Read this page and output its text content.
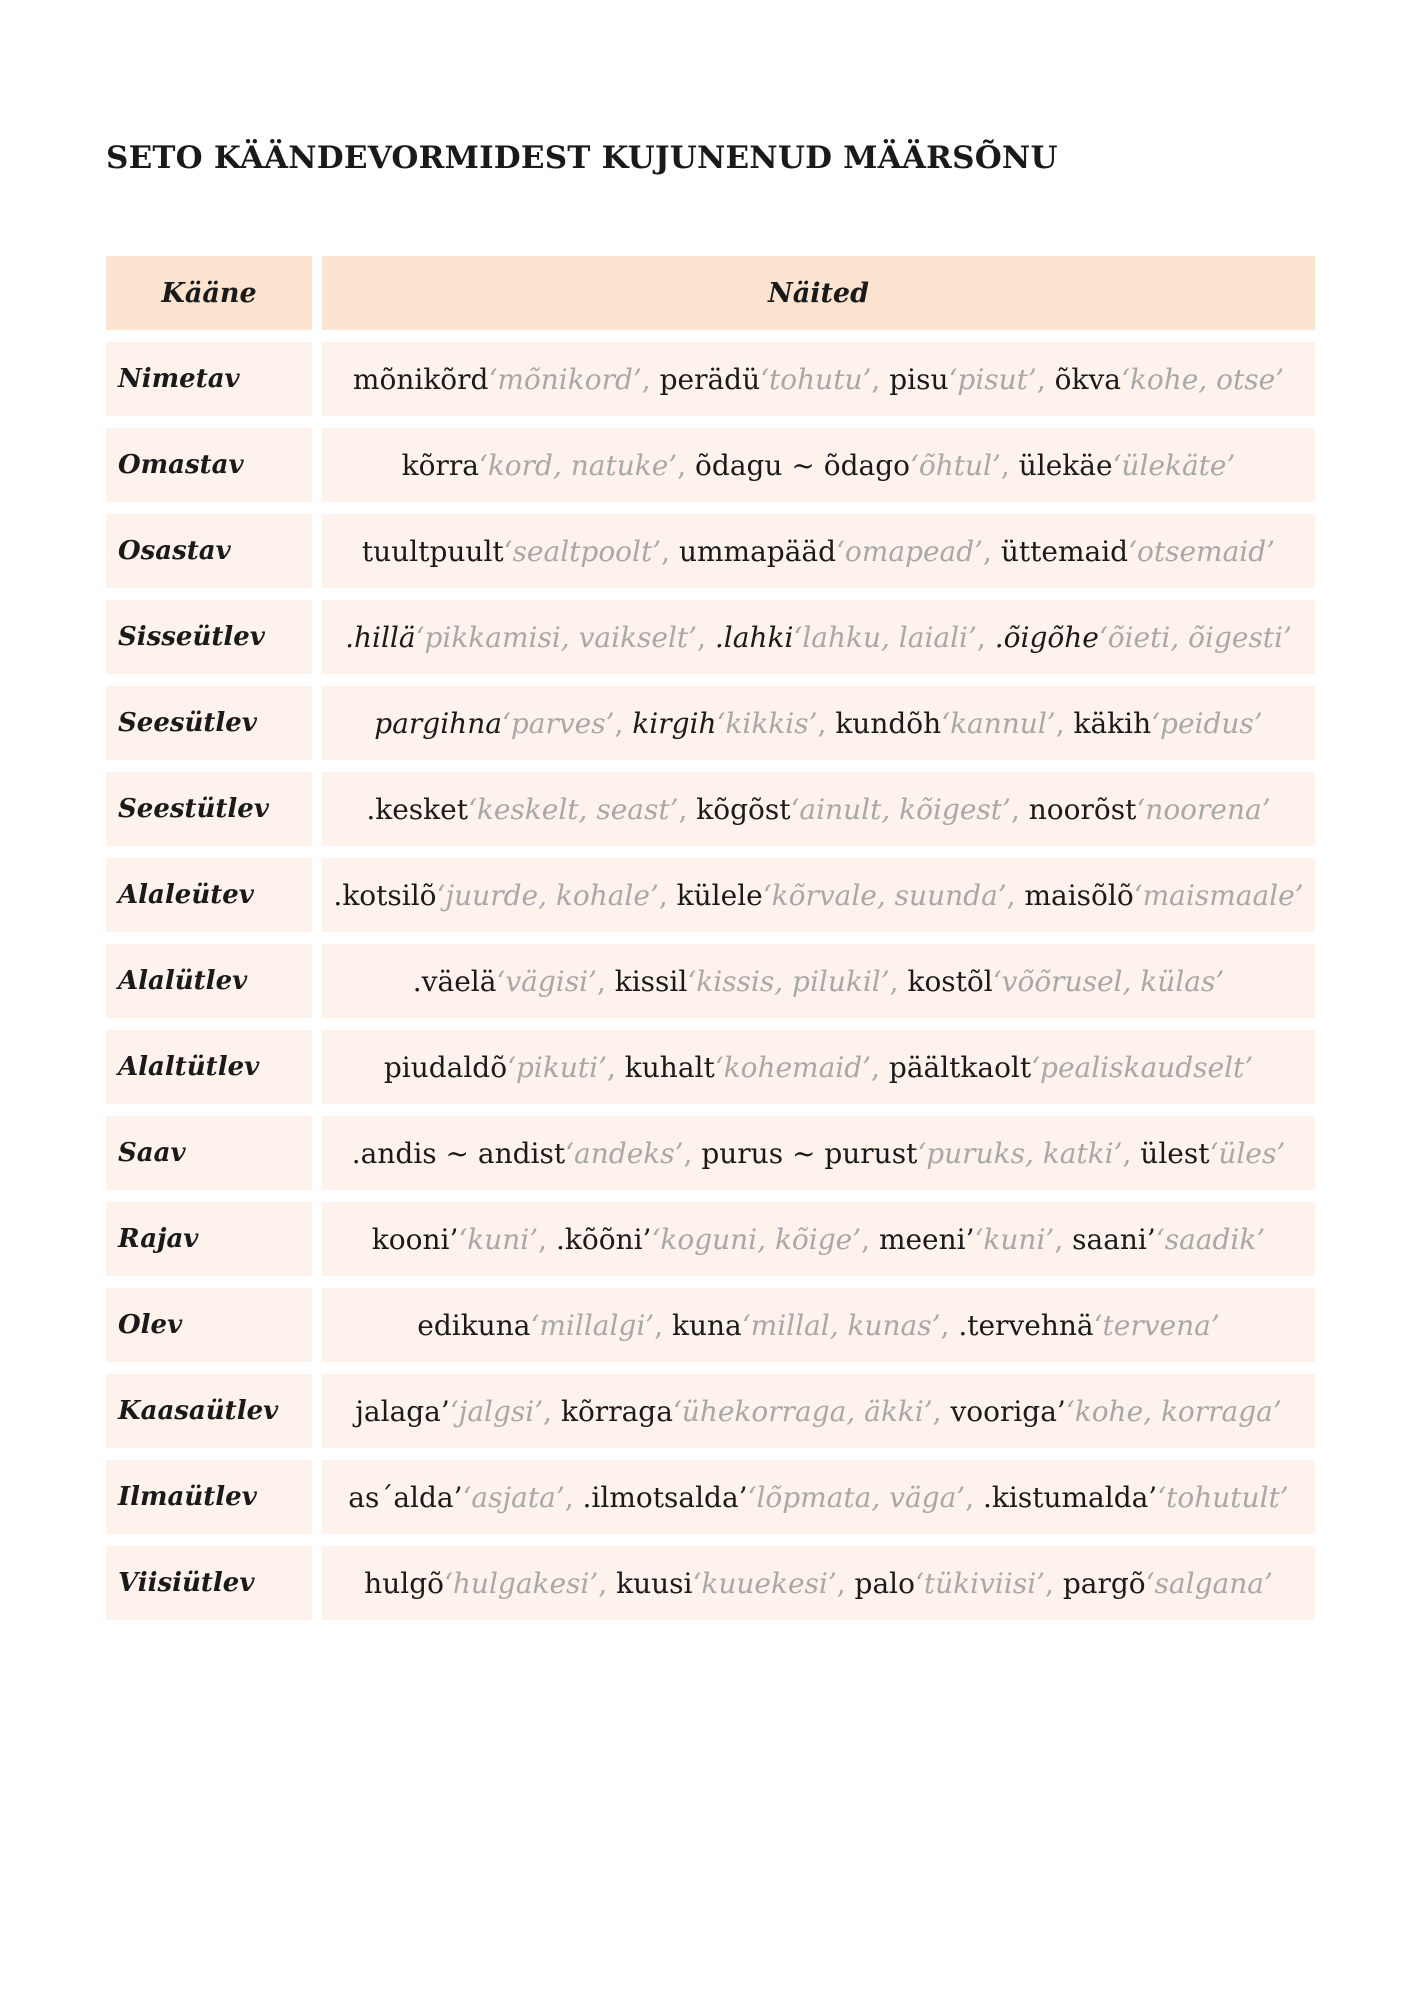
SETO KÄÄNDEVORMIDEST KUJUNENUD MÄÄRSÕNU
Kääne	Näited
Nimetav	mõnikõrd ‘mõnikord’ , perädü ‘tohutu’ , pisu ‘pisut’ , õkva ‘kohe, otse’
Omastav	kõrra ‘kord, natuke’ , õdagu ~ õdago ‘õhtul’ , ülekäe ‘ülekäte’
Osastav	tuultpuult ‘sealtpoolt’ , ummapääd ‘omapead’ , üttemaid ‘otsemaid’
Sisseütlev	.hillä ‘pikkamisi, vaikselt’ , .lahki ‘lahku, laiali’ , .õigõhe ‘õieti, õigesti’
Seesütlev	pargihna ‘parves’ , kirgih ‘kikkis’ , kundõh ‘kannul’ , käkih ‘peidus’
Seestütlev	.kesket ‘keskelt, seast’ , kõgõst ‘ainult, kõigest’ , noorõst ‘noorena’
Alaleütev	.kotsilõ ‘juurde, kohale’ , külele ‘kõrvale, suunda’ , maisõlõ ‘maismaale’
Alalütlev	.väelä ‘vägisi’ , kissil ‘kissis, pilukil’ , kostõl ‘võõrusel, külas’
Alaltütlev	piudaldõ ‘pikuti’ , kuhalt ‘kohemaid’ , päältkaolt ‘pealiskaudselt’
Saav	.andis ~ andist ‘andeks’ , purus ~ purust ‘puruks, katki’ , ülest ‘üles’
Rajav	kooni’ ‘kuni’ , .kõõni’ ‘koguni, kõige’ , meeni’ ‘kuni’ , saani’ ‘saadik’
Olev	edikuna ‘millalgi’ , kuna ‘millal, kunas’ , .tervehnä ‘tervena’
Kaasaütlev	jalaga’ ‘jalgsi’ , kõrraga ‘ühekorraga, äkki’ , vooriga’ ‘kohe, korraga’
Ilmaütlev	as´alda’ ‘asjata’ , .ilmotsalda’ ‘lõpmata, väga’ , .kistumalda’ ‘tohutult’
Viisiütlev	hulgõ ‘hulgakesi’ , kuusi ‘kuuekesi’ , palo ‘tükiviisi’ , pargõ ‘salgana’
